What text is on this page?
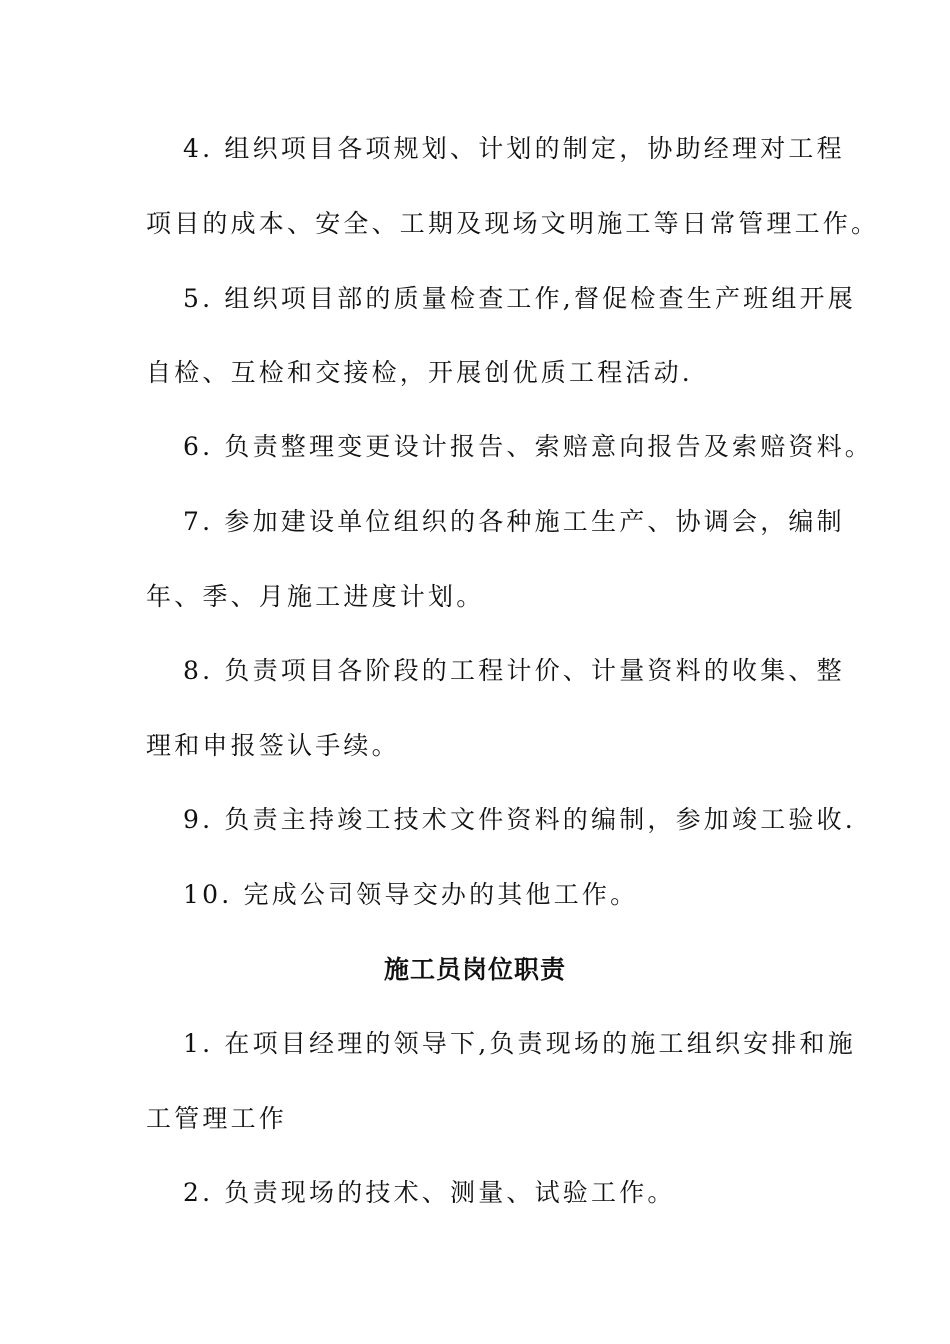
4. 组织项目各项规划、计划的制定，协助经理对工程

项目的成本、安全、工期及现场文明施工等日常管理工作。

5. 组织项目部的质量检查工作,督促检查生产班组开展

自检、互检和交接检，开展创优质工程活动.

6. 负责整理变更设计报告、索赔意向报告及索赔资料。

7. 参加建设单位组织的各种施工生产、协调会，编制

年、季、月施工进度计划。

8. 负责项目各阶段的工程计价、计量资料的收集、整

理和申报签认手续。

9. 负责主持竣工技术文件资料的编制，参加竣工验收.

10. 完成公司领导交办的其他工作。

施工员岗位职责

1. 在项目经理的领导下,负责现场的施工组织安排和施

工管理工作

2. 负责现场的技术、测量、试验工作。
